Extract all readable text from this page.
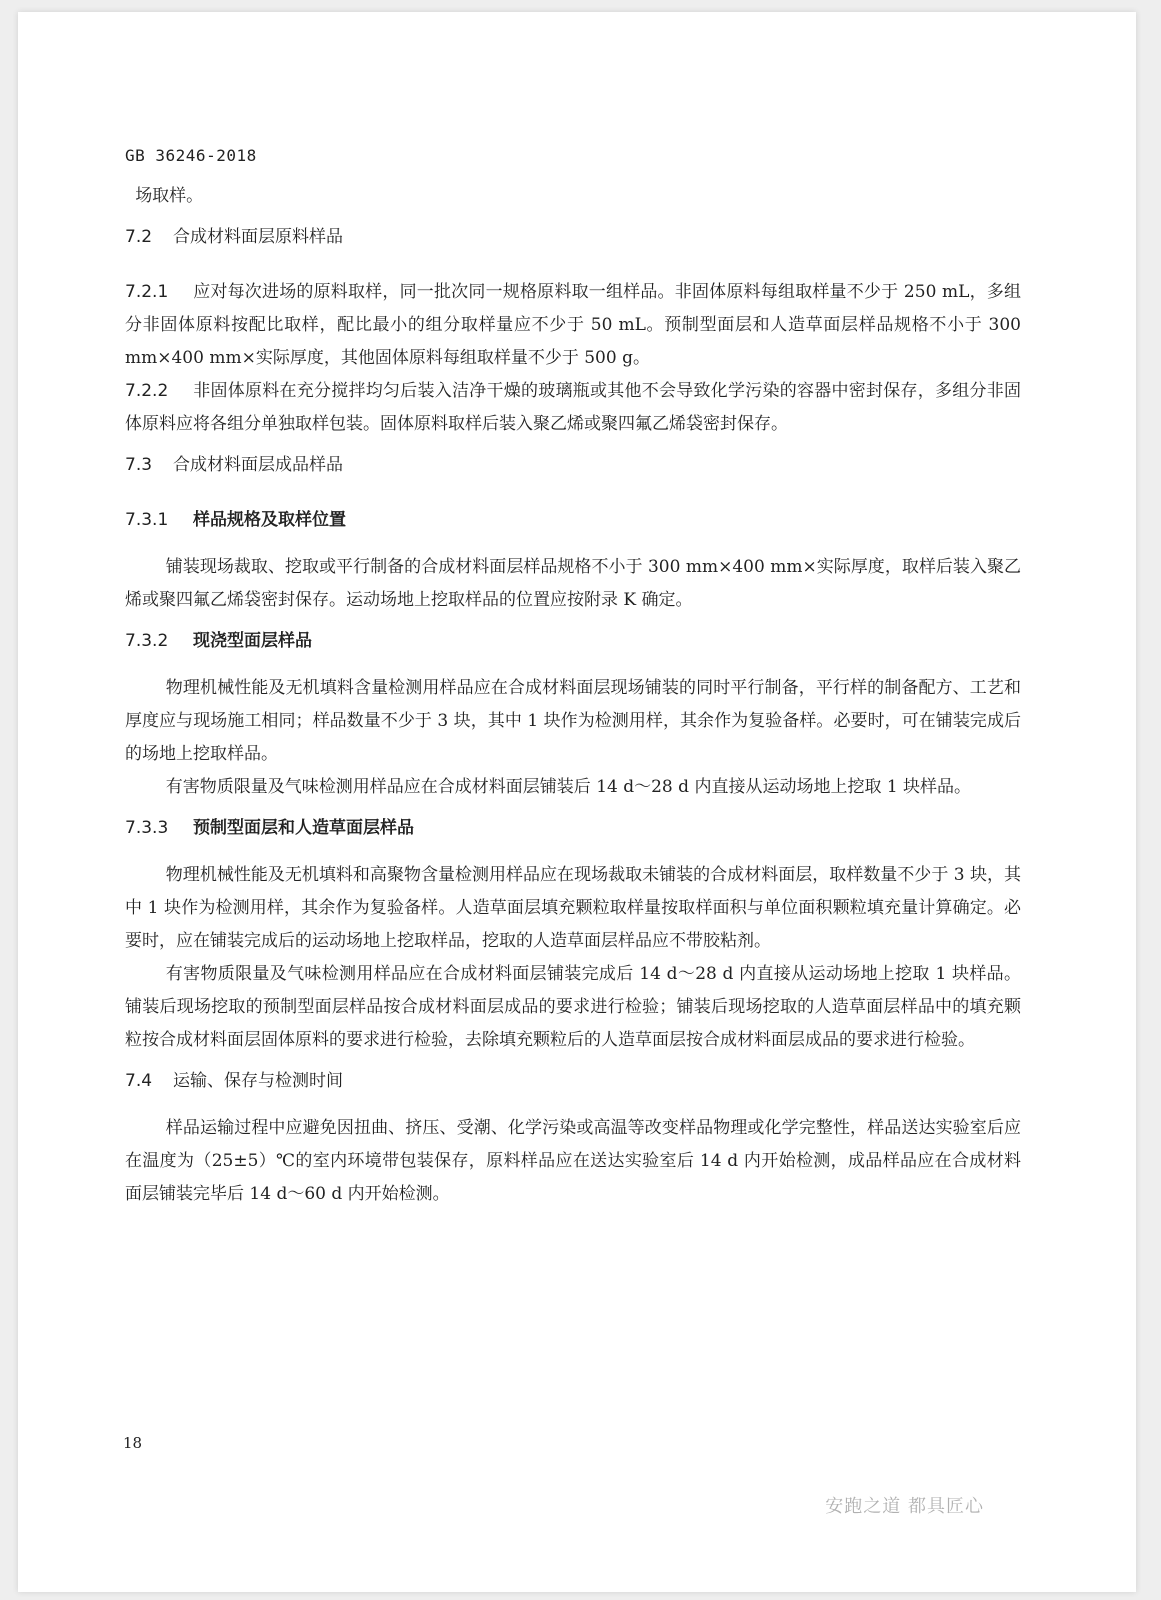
GB 36246-2018

场取样。

7.2 合成材料面层原料样品

7.2.1 应对每次进场的原料取样，同一批次同一规格原料取一组样品。非固体原料每组取样量不少于 250 mL，多组分非固体原料按配比取样，配比最小的组分取样量应不少于 50 mL。预制型面层和人造草面层样品规格不小于 300 mm×400 mm×实际厚度，其他固体原料每组取样量不少于 500 g。

7.2.2 非固体原料在充分搅拌均匀后装入洁净干燥的玻璃瓶或其他不会导致化学污染的容器中密封保存，多组分非固体原料应将各组分单独取样包装。固体原料取样后装入聚乙烯或聚四氟乙烯袋密封保存。

7.3 合成材料面层成品样品
7.3.1 样品规格及取样位置

铺装现场裁取、挖取或平行制备的合成材料面层样品规格不小于 300 mm×400 mm×实际厚度，取样后装入聚乙烯或聚四氟乙烯袋密封保存。运动场地上挖取样品的位置应按附录 K 确定。

7.3.2 现浇型面层样品

物理机械性能及无机填料含量检测用样品应在合成材料面层现场铺装的同时平行制备，平行样的制备配方、工艺和厚度应与现场施工相同；样品数量不少于 3 块，其中 1 块作为检测用样，其余作为复验备样。必要时，可在铺装完成后的场地上挖取样品。

有害物质限量及气味检测用样品应在合成材料面层铺装后 14 d～28 d 内直接从运动场地上挖取 1 块样品。

7.3.3 预制型面层和人造草面层样品

物理机械性能及无机填料和高聚物含量检测用样品应在现场裁取未铺装的合成材料面层，取样数量不少于 3 块，其中 1 块作为检测用样，其余作为复验备样。人造草面层填充颗粒取样量按取样面积与单位面积颗粒填充量计算确定。必要时，应在铺装完成后的运动场地上挖取样品，挖取的人造草面层样品应不带胶粘剂。

有害物质限量及气味检测用样品应在合成材料面层铺装完成后 14 d～28 d 内直接从运动场地上挖取 1 块样品。铺装后现场挖取的预制型面层样品按合成材料面层成品的要求进行检验；铺装后现场挖取的人造草面层样品中的填充颗粒按合成材料面层固体原料的要求进行检验，去除填充颗粒后的人造草面层按合成材料面层成品的要求进行检验。

7.4 运输、保存与检测时间

样品运输过程中应避免因扭曲、挤压、受潮、化学污染或高温等改变样品物理或化学完整性，样品送达实验室后应在温度为（25±5）℃的室内环境带包装保存，原料样品应在送达实验室后 14 d 内开始检测，成品样品应在合成材料面层铺装完毕后 14 d～60 d 内开始检测。

18
安跑之道 都具匠心
